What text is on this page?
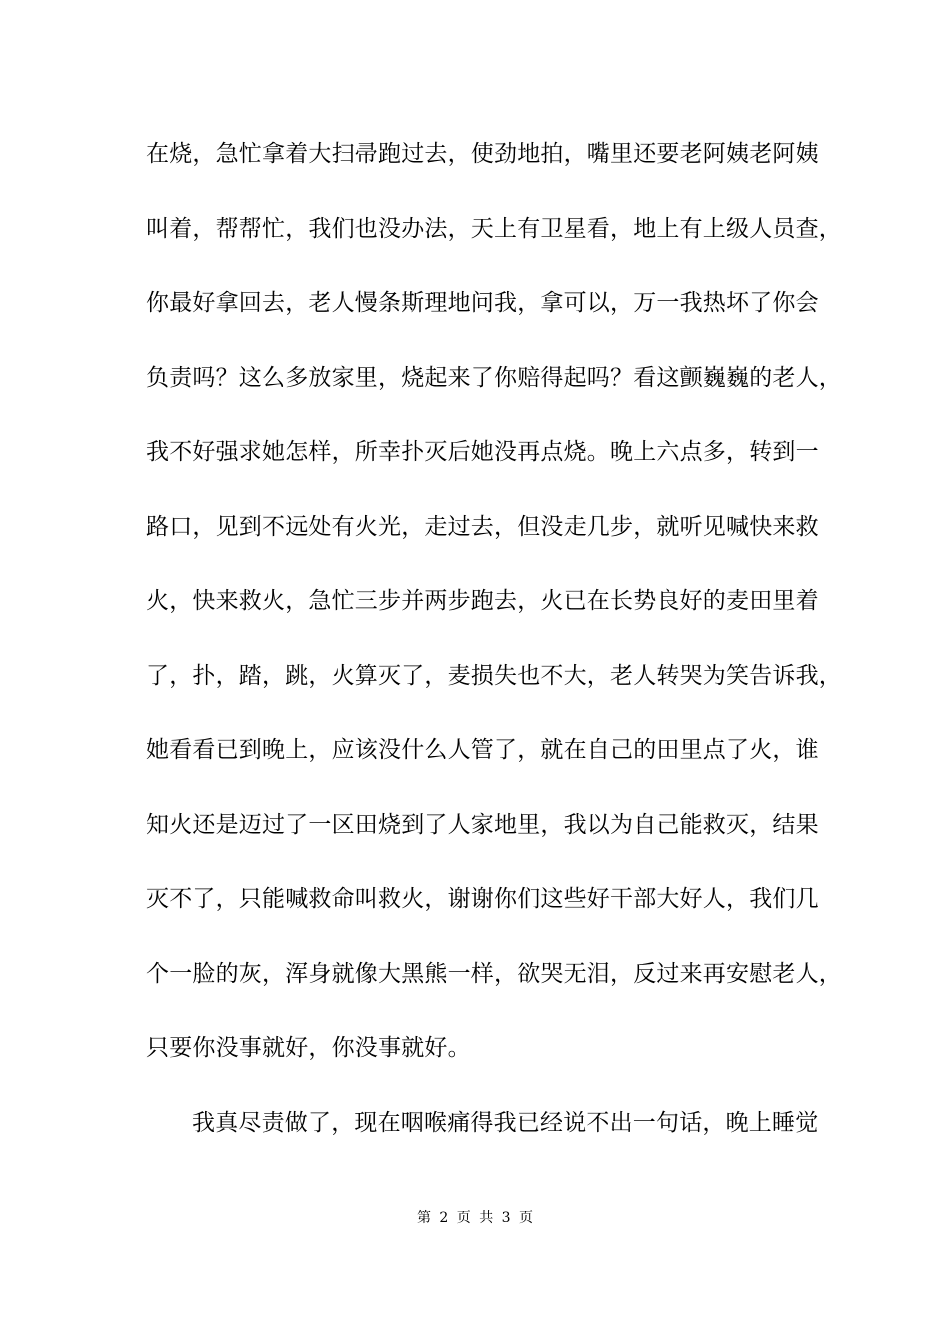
在烧，急忙拿着大扫帚跑过去，使劲地拍，嘴里还要老阿姨老阿姨
叫着，帮帮忙，我们也没办法，天上有卫星看，地上有上级人员查，
你最好拿回去，老人慢条斯理地问我，拿可以，万一我热坏了你会
负责吗？这么多放家里，烧起来了你赔得起吗？看这颤巍巍的老人，
我不好强求她怎样，所幸扑灭后她没再点烧。晚上六点多，转到一
路口，见到不远处有火光，走过去，但没走几步，就听见喊快来救
火，快来救火，急忙三步并两步跑去，火已在长势良好的麦田里着
了，扑，踏，跳，火算灭了，麦损失也不大，老人转哭为笑告诉我，
她看看已到晚上，应该没什么人管了，就在自己的田里点了火，谁
知火还是迈过了一区田烧到了人家地里，我以为自己能救灭，结果
灭不了，只能喊救命叫救火，谢谢你们这些好干部大好人，我们几
个一脸的灰，浑身就像大黑熊一样，欲哭无泪，反过来再安慰老人，
只要你没事就好，你没事就好。
我真尽责做了，现在咽喉痛得我已经说不出一句话，晚上睡觉
第 2 页 共 3 页
